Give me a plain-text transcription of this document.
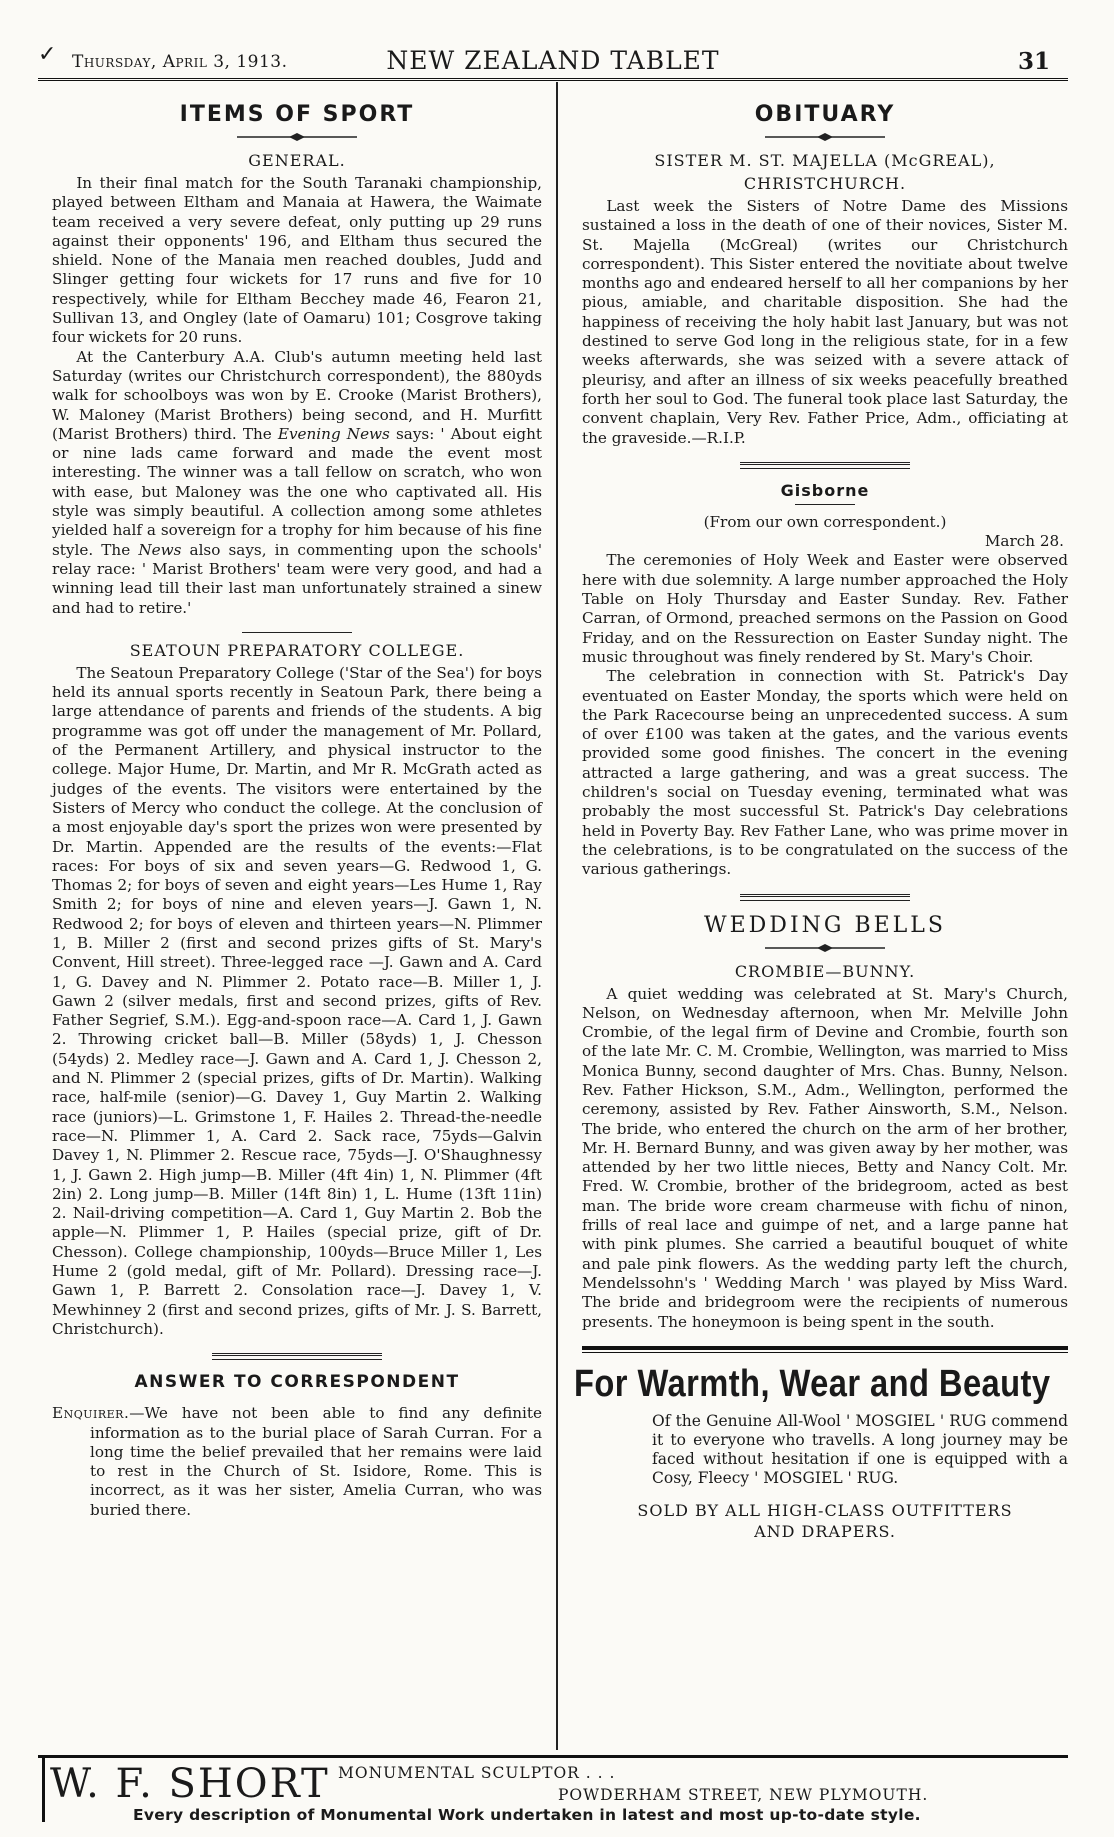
✓ Thursday, April 3, 1913.	NEW ZEALAND TABLET	31
ITEMS OF SPORT
GENERAL.

In their final match for the South Taranaki championship, played between Eltham and Manaia at Hawera, the Waimate team received a very severe defeat, only putting up 29 runs against their opponents' 196, and Eltham thus secured the shield. None of the Manaia men reached doubles, Judd and Slinger getting four wickets for 17 runs and five for 10 respectively, while for Eltham Becchey made 46, Fearon 21, Sullivan 13, and Ongley (late of Oamaru) 101; Cosgrove taking four wickets for 20 runs.

At the Canterbury A.A. Club's autumn meeting held last Saturday (writes our Christchurch correspondent), the 880yds walk for schoolboys was won by E. Crooke (Marist Brothers), W. Maloney (Marist Brothers) being second, and H. Murfitt (Marist Brothers) third. The Evening News says: ' About eight or nine lads came forward and made the event most interesting. The winner was a tall fellow on scratch, who won with ease, but Maloney was the one who captivated all. His style was simply beautiful. A collection among some athletes yielded half a sovereign for a trophy for him because of his fine style. The News also says, in commenting upon the schools' relay race: ' Marist Brothers' team were very good, and had a winning lead till their last man unfortunately strained a sinew and had to retire.'

SEATOUN PREPARATORY COLLEGE.

The Seatoun Preparatory College ('Star of the Sea') for boys held its annual sports recently in Seatoun Park, there being a large attendance of parents and friends of the students. A big programme was got off under the management of Mr. Pollard, of the Permanent Artillery, and physical instructor to the college. Major Hume, Dr. Martin, and Mr R. McGrath acted as judges of the events. The visitors were entertained by the Sisters of Mercy who conduct the college. At the conclusion of a most enjoyable day's sport the prizes won were presented by Dr. Martin. Appended are the results of the events:—Flat races: For boys of six and seven years—G. Redwood 1, G. Thomas 2; for boys of seven and eight years—Les Hume 1, Ray Smith 2; for boys of nine and eleven years—J. Gawn 1, N. Redwood 2; for boys of eleven and thirteen years—N. Plimmer 1, B. Miller 2 (first and second prizes gifts of St. Mary's Convent, Hill street). Three-legged race —J. Gawn and A. Card 1, G. Davey and N. Plimmer 2. Potato race—B. Miller 1, J. Gawn 2 (silver medals, first and second prizes, gifts of Rev. Father Segrief, S.M.). Egg-and-spoon race—A. Card 1, J. Gawn 2. Throwing cricket ball—B. Miller (58yds) 1, J. Chesson (54yds) 2. Medley race—J. Gawn and A. Card 1, J. Chesson 2, and N. Plimmer 2 (special prizes, gifts of Dr. Martin). Walking race, half-mile (senior)—G. Davey 1, Guy Martin 2. Walking race (juniors)—L. Grimstone 1, F. Hailes 2. Thread-the-needle race—N. Plimmer 1, A. Card 2. Sack race, 75yds—Galvin Davey 1, N. Plimmer 2. Rescue race, 75yds—J. O'Shaughnessy 1, J. Gawn 2. High jump—B. Miller (4ft 4in) 1, N. Plimmer (4ft 2in) 2. Long jump—B. Miller (14ft 8in) 1, L. Hume (13ft 11in) 2. Nail-driving competition—A. Card 1, Guy Martin 2. Bob the apple—N. Plimmer 1, P. Hailes (special prize, gift of Dr. Chesson). College championship, 100yds—Bruce Miller 1, Les Hume 2 (gold medal, gift of Mr. Pollard). Dressing race—J. Gawn 1, P. Barrett 2. Consolation race—J. Davey 1, V. Mewhinney 2 (first and second prizes, gifts of Mr. J. S. Barrett, Christchurch).

ANSWER TO CORRESPONDENT

Enquirer.—We have not been able to find any definite information as to the burial place of Sarah Curran. For a long time the belief prevailed that her remains were laid to rest in the Church of St. Isidore, Rome. This is incorrect, as it was her sister, Amelia Curran, who was buried there.

OBITUARY
SISTER M. ST. MAJELLA (McGREAL),
CHRISTCHURCH.

Last week the Sisters of Notre Dame des Missions sustained a loss in the death of one of their novices, Sister M. St. Majella (McGreal) (writes our Christchurch correspondent). This Sister entered the novitiate about twelve months ago and endeared herself to all her companions by her pious, amiable, and charitable disposition. She had the happiness of receiving the holy habit last January, but was not destined to serve God long in the religious state, for in a few weeks afterwards, she was seized with a severe attack of pleurisy, and after an illness of six weeks peacefully breathed forth her soul to God. The funeral took place last Saturday, the convent chaplain, Very Rev. Father Price, Adm., officiating at the graveside.—R.I.P.

Gisborne

(From our own correspondent.)

March 28.

The ceremonies of Holy Week and Easter were observed here with due solemnity. A large number approached the Holy Table on Holy Thursday and Easter Sunday. Rev. Father Carran, of Ormond, preached sermons on the Passion on Good Friday, and on the Ressurection on Easter Sunday night. The music throughout was finely rendered by St. Mary's Choir.

The celebration in connection with St. Patrick's Day eventuated on Easter Monday, the sports which were held on the Park Racecourse being an unprecedented success. A sum of over £100 was taken at the gates, and the various events provided some good finishes. The concert in the evening attracted a large gathering, and was a great success. The children's social on Tuesday evening, terminated what was probably the most successful St. Patrick's Day celebrations held in Poverty Bay. Rev Father Lane, who was prime mover in the celebrations, is to be congratulated on the success of the various gatherings.

WEDDING BELLS
CROMBIE—BUNNY.

A quiet wedding was celebrated at St. Mary's Church, Nelson, on Wednesday afternoon, when Mr. Melville John Crombie, of the legal firm of Devine and Crombie, fourth son of the late Mr. C. M. Crombie, Wellington, was married to Miss Monica Bunny, second daughter of Mrs. Chas. Bunny, Nelson. Rev. Father Hickson, S.M., Adm., Wellington, performed the ceremony, assisted by Rev. Father Ainsworth, S.M., Nelson. The bride, who entered the church on the arm of her brother, Mr. H. Bernard Bunny, and was given away by her mother, was attended by her two little nieces, Betty and Nancy Colt. Mr. Fred. W. Crombie, brother of the bridegroom, acted as best man. The bride wore cream charmeuse with fichu of ninon, frills of real lace and guimpe of net, and a large panne hat with pink plumes. She carried a beautiful bouquet of white and pale pink flowers. As the wedding party left the church, Mendelssohn's ' Wedding March ' was played by Miss Ward. The bride and bridegroom were the recipients of numerous presents. The honeymoon is being spent in the south.

For Warmth, Wear and Beauty

Of the Genuine All-Wool ' MOSGIEL ' RUG commend it to everyone who travells. A long journey may be faced without hesitation if one is equipped with a Cosy, Fleecy ' MOSGIEL ' RUG.

SOLD BY ALL HIGH-CLASS OUTFITTERS
AND DRAPERS.

W. F. SHORT MONUMENTAL SCULPTOR . . .
POWDERHAM STREET, NEW PLYMOUTH.
Every description of Monumental Work undertaken in latest and most up-to-date style.
